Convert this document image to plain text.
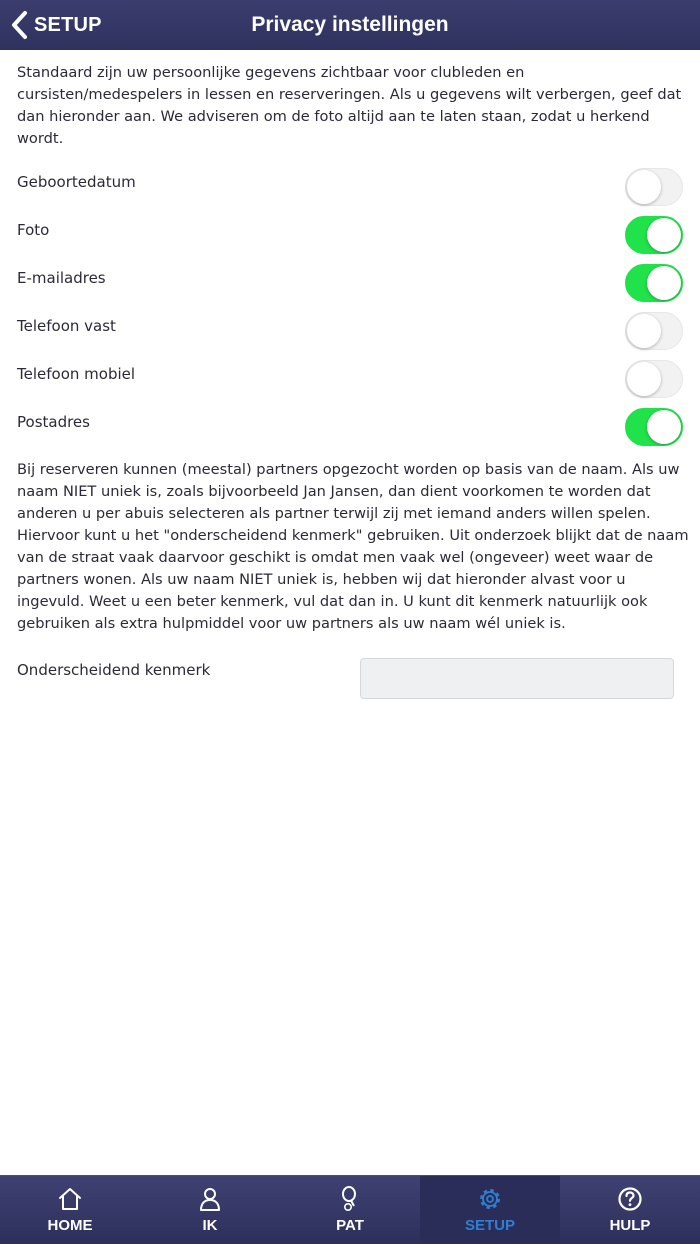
SETUP	Privacy instellingen

Standaard zijn uw persoonlijke gegevens zichtbaar voor clubleden en cursisten/medespelers in lessen en reserveringen. Als u gegevens wilt verbergen, geef dat dan hieronder aan. We adviseren om de foto altijd aan te laten staan, zodat u herkend wordt.

Geboortedatum
Foto
E-mailadres
Telefoon vast
Telefoon mobiel
Postadres

Bij reserveren kunnen (meestal) partners opgezocht worden op basis van de naam. Als uw naam NIET uniek is, zoals bijvoorbeeld Jan Jansen, dan dient voorkomen te worden dat anderen u per abuis selecteren als partner terwijl zij met iemand anders willen spelen. Hiervoor kunt u het "onderscheidend kenmerk" gebruiken. Uit onderzoek blijkt dat de naam van de straat vaak daarvoor geschikt is omdat men vaak wel (ongeveer) weet waar de partners wonen. Als uw naam NIET uniek is, hebben wij dat hieronder alvast voor u ingevuld. Weet u een beter kenmerk, vul dat dan in. U kunt dit kenmerk natuurlijk ook gebruiken als extra hulpmiddel voor uw partners als uw naam wél uniek is.

Onderscheidend kenmerk
HOME	IK	PAT	SETUP	HULP
